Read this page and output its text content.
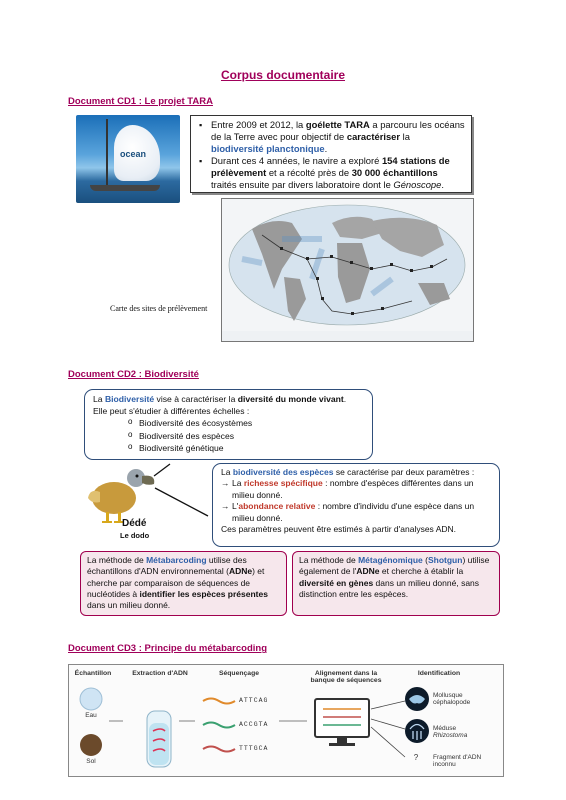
Corpus documentaire
Document CD1 : Le projet TARA
ocean
▪ Entre 2009 et 2012, la goélette TARA a parcouru les océans de la Terre avec pour objectif de caractériser la biodiversité planctonique.
▪ Durant ces 4 années, le navire a exploré 154 stations de prélèvement et a récolté près de 30 000 échantillons traités ensuite par divers laboratoire dont le Génoscope.
Carte des sites de prélèvement
Document CD2 : Biodiversité
La Biodiversité vise à caractériser la diversité du monde vivant.
Elle peut s'étudier à différentes échelles :
o Biodiversité des écosystèmes
o Biodiversité des espèces
o Biodiversité génétique
Dédé
Le dodo
La biodiversité des espèces se caractérise par deux paramètres :
→ La richesse spécifique : nombre d'espèces différentes dans un milieu donné.
→ L'abondance relative : nombre d'individu d'une espèce dans un milieu donné.
Ces paramètres peuvent être estimés à partir d'analyses ADN.
La méthode de Métabarcoding utilise des échantillons d'ADN environnemental (ADNe) et cherche par comparaison de séquences de nucléotides à identifier les espèces présentes dans un milieu donné.
La méthode de Métagénomique (Shotgun) utilise également de l'ADNe et cherche à établir la diversité en gènes dans un milieu donné, sans distinction entre les espèces.
Document CD3 : Principe du métabarcoding
Échantillon	Extraction d'ADN	Séquençage	Alignement dans la banque de séquences
Identification
Eau
Sol
ATTCAG
ACCGTA
TTTGCA
Mollusque céphalopode
Méduse
Rhizostoma
?	Fragment d'ADN inconnu
